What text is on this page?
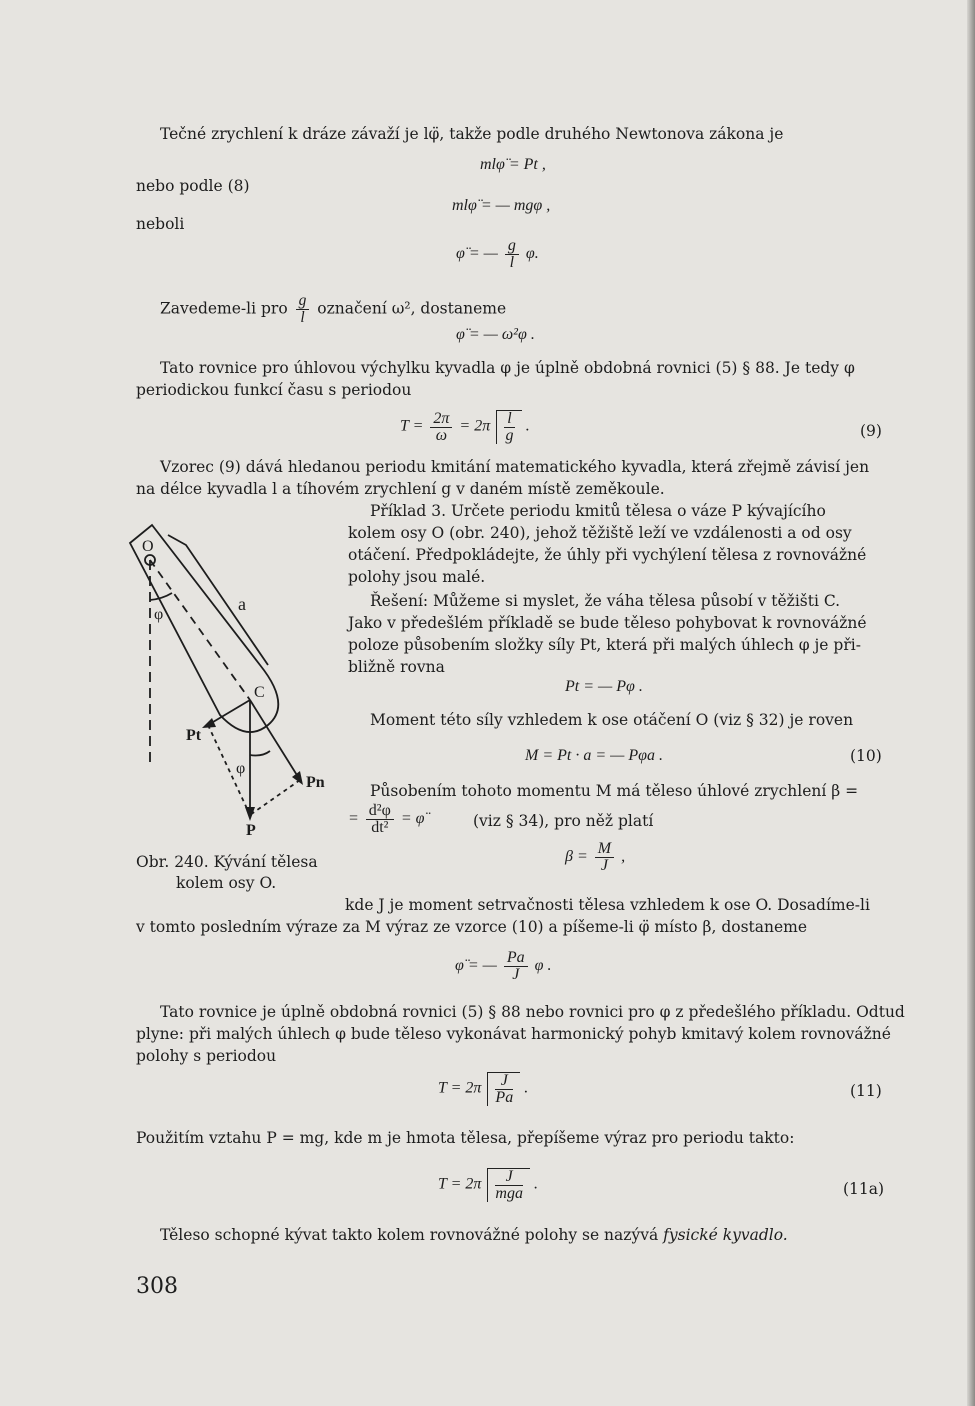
Tečné zrychlení k dráze závaží je lφ̈, takže podle druhého Newtonova zákona je
mlφ̈ = Pt ,
nebo podle (8)
mlφ̈ = — mgφ ,
neboli
φ̈ = — $\frac{g}{l} \varphi$.
Zavedeme-li pro $\frac{g}{l}$ označení ω², dostaneme
φ̈ = — ω²φ .
Tato rovnice pro úhlovou výchylku kyvadla φ je úplně obdobná rovnici (5) § 88. Je tedy φ
periodickou funkcí času s periodou
$T = \frac{2\pi}{\omega} = 2\pi \frac{l}{g}$ .	(9)
Vzorec (9) dává hledanou periodu kmitání matematického kyvadla, která zřejmě závisí jen
na délce kyvadla l a tíhovém zrychlení g v daném místě zeměkoule.
Příklad 3. Určete periodu kmitů tělesa o váze P kývajícího
kolem osy O (obr. 240), jehož těžiště leží ve vzdálenosti a od osy
otáčení. Předpokládejte, že úhly při vychýlení tělesa z rovnovážné
polohy jsou malé.
Řešení: Můžeme si myslet, že váha tělesa působí v těžišti C.
Jako v předešlém příkladě se bude těleso pohybovat k rovnovážné
poloze působením složky síly Pt, která při malých úhlech φ je při-
bližně rovna
Pt = — Pφ .
Moment této síly vzhledem k ose otáčení O (viz § 32) je roven
M = Pt · a = — Pφa .	(10)
Působením tohoto momentu M má těleso úhlové zrychlení β =
= $\frac{\text{d²φ}}{\text{dt²}}$ = φ̈	(viz § 34), pro něž platí
$\beta = \frac{M}{J}$ ,
kde J je moment setrvačnosti tělesa vzhledem k ose O. Dosadíme-li
v tomto posledním výraze za M výraz ze vzorce (10) a píšeme-li φ̈ místo β, dostaneme
φ̈ = — $\frac{Pa}{J}$ φ .
Tato rovnice je úplně obdobná rovnici (5) § 88 nebo rovnici pro φ z předešlého příkladu. Odtud
plyne: při malých úhlech φ bude těleso vykonávat harmonický pohyb kmitavý kolem rovnovážné
polohy s periodou
$T = 2\pi \frac{J}{Pa}$ .	(11)
Použitím vztahu P = mg, kde m je hmota tělesa, přepíšeme výraz pro periodu takto:
$T = 2\pi \frac{J}{\text{mga}}$ .	(11a)
Těleso schopné kývat takto kolem rovnovážné polohy se nazývá fysické kyvadlo.
O
φ
a
C
Pt
φ
Pn
P
Obr. 240. Kývání tělesa
kolem osy O.
308
